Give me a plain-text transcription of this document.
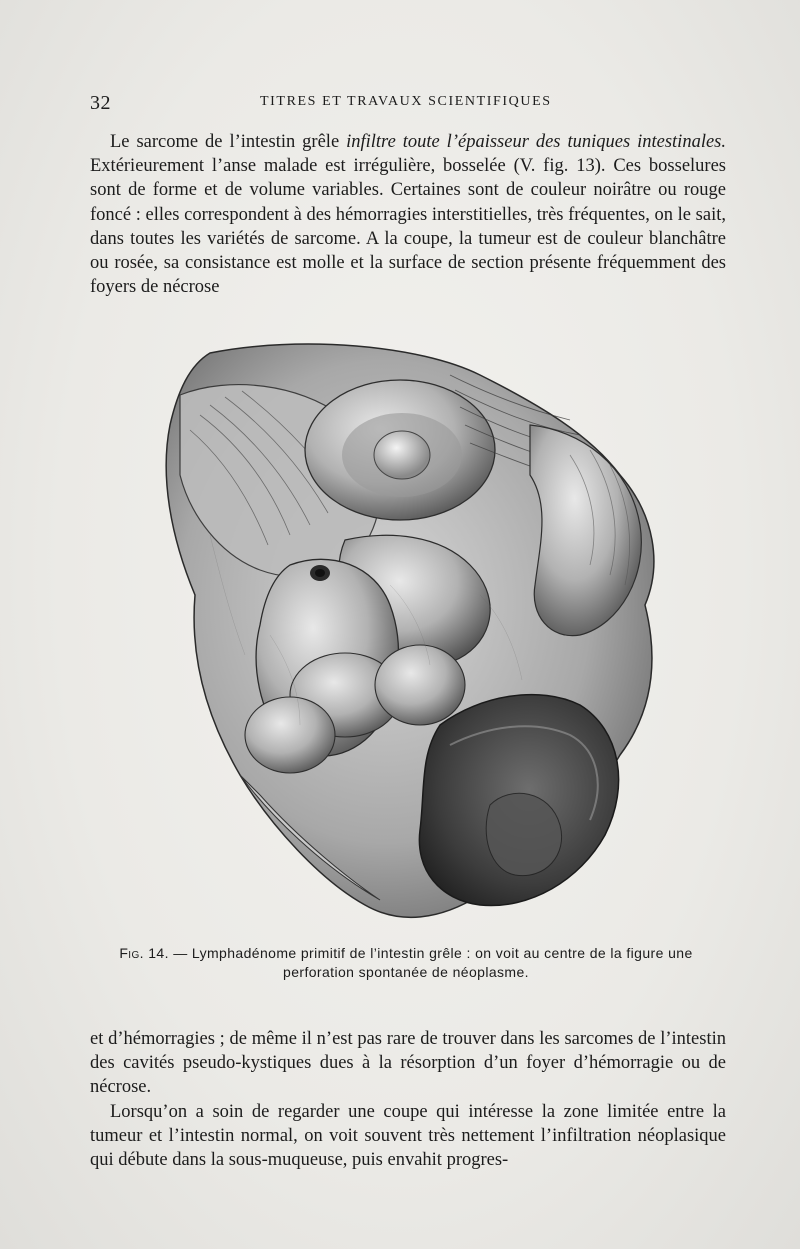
32	TITRES ET TRAVAUX SCIENTIFIQUES

Le sarcome de l’intestin grêle infiltre toute l’épaisseur des tuniques intestinales. Extérieurement l’anse malade est irrégulière, bosselée (V. fig. 13). Ces bosselures sont de forme et de volume variables. Certaines sont de couleur noirâtre ou rouge foncé : elles correspondent à des hémorragies interstitielles, très fréquentes, on le sait, dans toutes les variétés de sarcome. A la coupe, la tumeur est de couleur blanchâtre ou rosée, sa consistance est molle et la surface de section présente fréquemment des foyers de nécrose

Fig. 14. — Lymphadénome primitif de l’intestin grêle : on voit au centre de la figure une perforation spontanée de néoplasme.

et d’hémorragies ; de même il n’est pas rare de trouver dans les sarcomes de l’intestin des cavités pseudo-kystiques dues à la résorption d’un foyer d’hémorragie ou de nécrose.

Lorsqu’on a soin de regarder une coupe qui intéresse la zone limitée entre la tumeur et l’intestin normal, on voit souvent très nettement l’infiltration néoplasique qui débute dans la sous-muqueuse, puis envahit progres-
